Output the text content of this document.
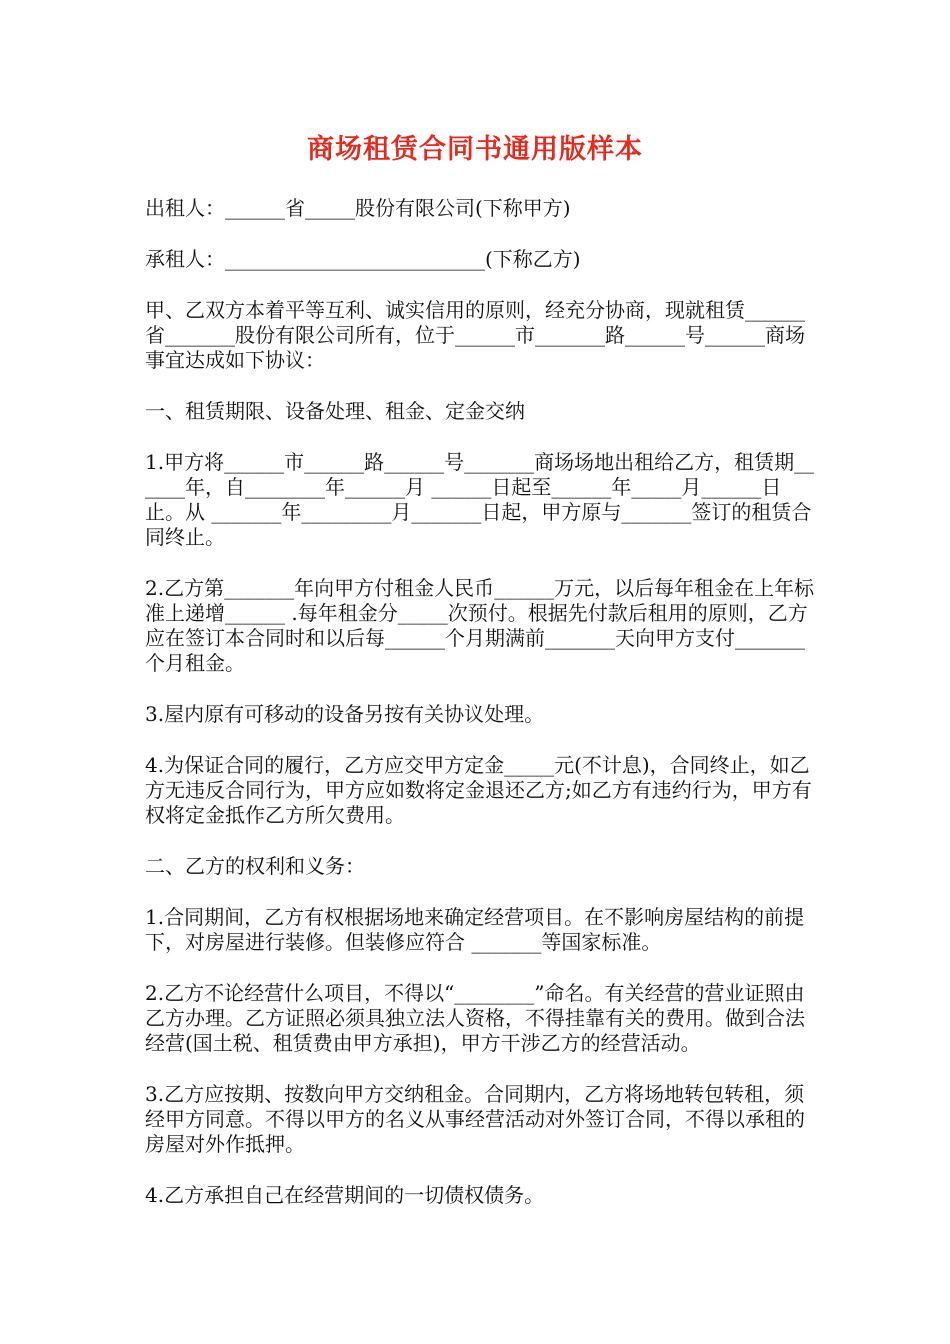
商场租赁合同书通用版样本

出租人：______省_____股份有限公司(下称甲方)

承租人：__________________________(下称乙方)

甲、乙双方本着平等互利、诚实信用的原则，经充分协商，现就租赁______省_______股份有限公司所有，位于______市_______路______号______商场事宜达成如下协议：

一、租赁期限、设备处理、租金、定金交纳

1.甲方将______市______路______号_______商场场地出租给乙方，租赁期______年，自________年______月 ______日起至______年_____月______日止。从 _______年_________月_______日起，甲方原与_______签订的租赁合同终止。

2.乙方第_______年向甲方付租金人民币______万元，以后每年租金在上年标准上递增______ .每年租金分_____次预付。根据先付款后租用的原则，乙方应在签订本合同时和以后每______个月期满前_______天向甲方支付_______ 个月租金。

3.屋内原有可移动的设备另按有关协议处理。

4.为保证合同的履行，乙方应交甲方定金_____元(不计息)，合同终止，如乙方无违反合同行为，甲方应如数将定金退还乙方;如乙方有违约行为，甲方有权将定金抵作乙方所欠费用。

二、乙方的权利和义务：

1.合同期间，乙方有权根据场地来确定经营项目。在不影响房屋结构的前提下，对房屋进行装修。但装修应符合 _______等国家标准。

2.乙方不论经营什么项目，不得以“________”命名。有关经营的营业证照由乙方办理。乙方证照必须具独立法人资格，不得挂靠有关的费用。做到合法经营(国土税、租赁费由甲方承担)，甲方干涉乙方的经营活动。

3.乙方应按期、按数向甲方交纳租金。合同期内，乙方将场地转包转租，须经甲方同意。不得以甲方的名义从事经营活动对外签订合同，不得以承租的房屋对外作抵押。

4.乙方承担自己在经营期间的一切债权债务。
